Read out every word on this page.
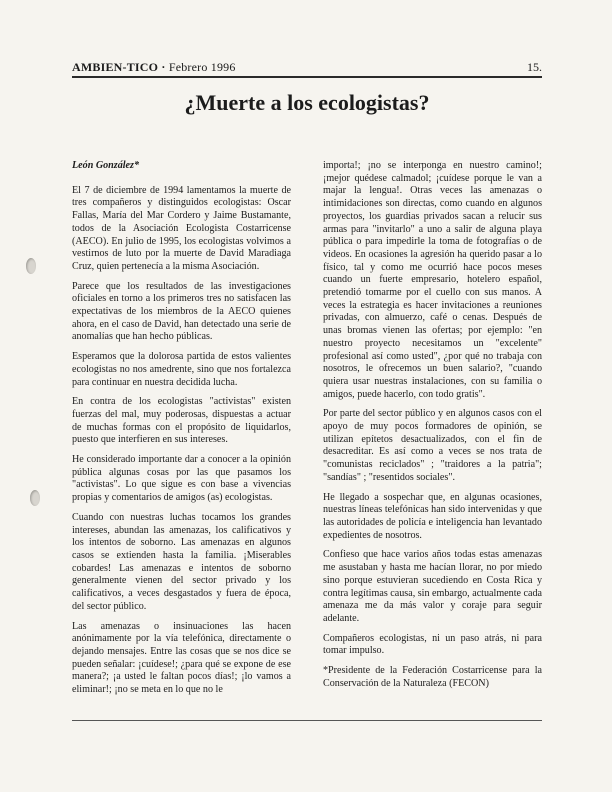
AMBIEN-TICO · Febrero 1996	15.
¿Muerte a los ecologistas?

León González*

El 7 de diciembre de 1994 lamentamos la muerte de tres compañeros y distinguidos ecologistas: Oscar Fallas, María del Mar Cordero y Jaime Bustamante, todos de la Asociación Ecologista Costarricense (AECO). En julio de 1995, los ecologistas volvimos a vestirnos de luto por la muerte de David Maradiaga Cruz, quien pertenecía a la misma Asociación.

Parece que los resultados de las investigaciones oficiales en torno a los primeros tres no satisfacen las expectativas de los miembros de la AECO quienes ahora, en el caso de David, han detectado una serie de anomalías que han hecho públicas.

Esperamos que la dolorosa partida de estos valientes ecologistas no nos amedrente, sino que nos fortalezca para continuar en nuestra decidida lucha.

En contra de los ecologistas "activistas" existen fuerzas del mal, muy poderosas, dispuestas a actuar de muchas formas con el propósito de liquidarlos, puesto que interfieren en sus intereses.

He considerado importante dar a conocer a la opinión pública algunas cosas por las que pasamos los "activistas". Lo que sigue es con base a vivencias propias y comentarios de amigos (as) ecologistas.

Cuando con nuestras luchas tocamos los grandes intereses, abundan las amenazas, los calificativos y los intentos de soborno. Las amenazas en algunos casos se extienden hasta la familia. ¡Miserables cobardes! Las amenazas e intentos de soborno generalmente vienen del sector privado y los calificativos, a veces desgastados y fuera de época, del sector público.

Las amenazas o insinuaciones las hacen anónimamente por la vía telefónica, directamente o dejando mensajes. Entre las cosas que se nos dice se pueden señalar: ¡cuídese!; ¿para qué se expone de ese manera?; ¡a usted le faltan pocos días!; ¡lo vamos a eliminar!; ¡no se meta en lo que no le

importa!; ¡no se interponga en nuestro camino!; ¡mejor quédese calmadol; ¡cuídese porque le van a majar la lengua!. Otras veces las amenazas o intimidaciones son directas, como cuando en algunos proyectos, los guardias privados sacan a relucir sus armas para "invitarlo" a uno a salir de alguna playa pública o para impedirle la toma de fotografías o de videos. En ocasiones la agresión ha querido pasar a lo físico, tal y como me ocurrió hace pocos meses cuando un fuerte empresario, hotelero español, pretendió tomarme por el cuello con sus manos. A veces la estrategia es hacer invitaciones a reuniones privadas, con almuerzo, café o cenas. Después de unas bromas vienen las ofertas; por ejemplo: "en nuestro proyecto necesitamos un "excelente" profesional así como usted", ¿por qué no trabaja con nosotros, le ofrecemos un buen salario?, "cuando quiera usar nuestras instalaciones, con su familia o amigos, puede hacerlo, con todo gratis".

Por parte del sector público y en algunos casos con el apoyo de muy pocos formadores de opinión, se utilizan epítetos desactualizados, con el fin de desacreditar. Es así como a veces se nos trata de "comunistas reciclados" ; "traidores a la patria"; "sandías" ; "resentidos sociales".

He llegado a sospechar que, en algunas ocasiones, nuestras líneas telefónicas han sido intervenidas y que las autoridades de policía e inteligencia han levantado expedientes de nosotros.

Confieso que hace varios años todas estas amenazas me asustaban y hasta me hacían llorar, no por miedo sino porque estuvieran sucediendo en Costa Rica y contra legítimas causa, sin embargo, actualmente cada amenaza me da más valor y coraje para seguir adelante.

Compañeros ecologistas, ni un paso atrás, ni para tomar impulso.

*Presidente de la Federación Costarricense para la Conservación de la Naturaleza (FECON)
